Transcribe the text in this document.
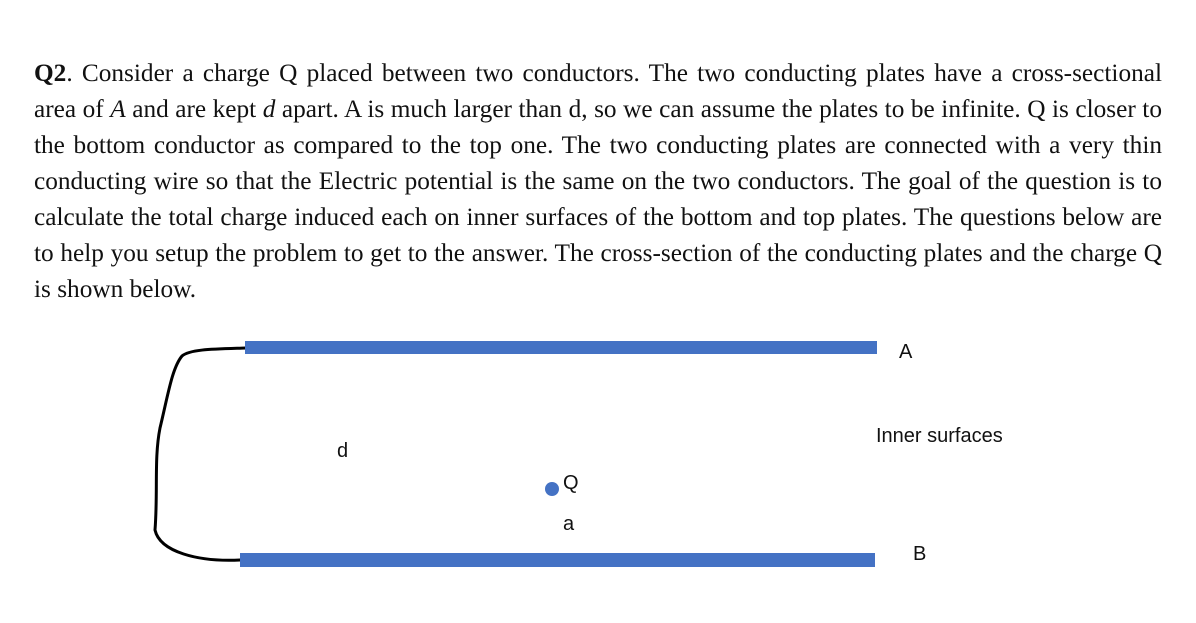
Q2. Consider a charge Q placed between two conductors. The two conducting plates have a cross-sectional area of A and are kept d apart. A is much larger than d, so we can assume the plates to be infinite. Q is closer to the bottom conductor as compared to the top one. The two conducting plates are connected with a very thin conducting wire so that the Electric potential is the same on the two conductors. The goal of the question is to calculate the total charge induced each on inner surfaces of the bottom and top plates. The questions below are to help you setup the problem to get to the answer. The cross-section of the conducting plates and the charge Q is shown below.

A
Inner surfaces
d
Q
a
B
